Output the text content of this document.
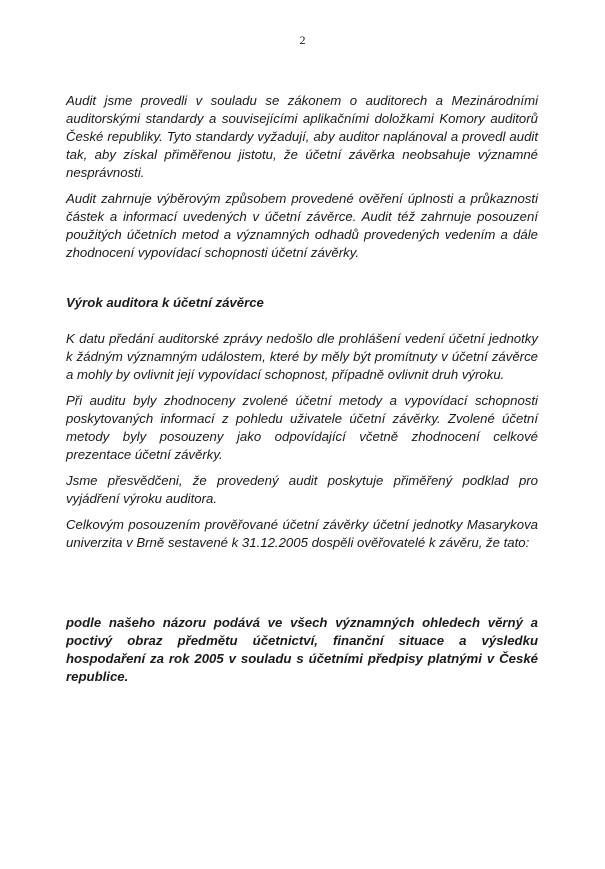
2

Audit jsme provedli v souladu se zákonem o auditorech a Mezinárodními auditorskými standardy a souvisejícími aplikačními doložkami Komory auditorů České republiky. Tyto standardy vyžadují, aby auditor naplánoval a provedl audit tak, aby získal přiměřenou jistotu, že účetní závěrka neobsahuje významné nesprávnosti.

Audit zahrnuje výběrovým způsobem provedené ověření úplnosti a průkaznosti částek a informací uvedených v účetní závěrce. Audit též zahrnuje posouzení použitých účetních metod a významných odhadů provedených vedením a dále zhodnocení vypovídací schopnosti účetní závěrky.

Výrok auditora k účetní závěrce

K datu předání auditorské zprávy nedošlo dle prohlášení vedení účetní jednotky k žádným významným událostem, které by měly být promítnuty v účetní závěrce a mohly by ovlivnit její vypovídací schopnost, případně ovlivnit druh výroku.

Při auditu byly zhodnoceny zvolené účetní metody a vypovídací schopnosti poskytovaných informací z pohledu uživatele účetní závěrky. Zvolené účetní metody byly posouzeny jako odpovídající včetně zhodnocení celkové prezentace účetní závěrky.

Jsme přesvědčeni, že provedený audit poskytuje přiměřený podklad pro vyjádření výroku auditora.

Celkovým posouzením prověřované účetní závěrky účetní jednotky Masarykova univerzita v Brně sestavené k 31.12.2005 dospěli ověřovatelé k závěru, že tato:

podle našeho názoru podává ve všech významných ohledech věrný a poctivý obraz předmětu účetnictví, finanční situace a výsledku hospodaření za rok 2005 v souladu s účetními předpisy platnými v České republice.
